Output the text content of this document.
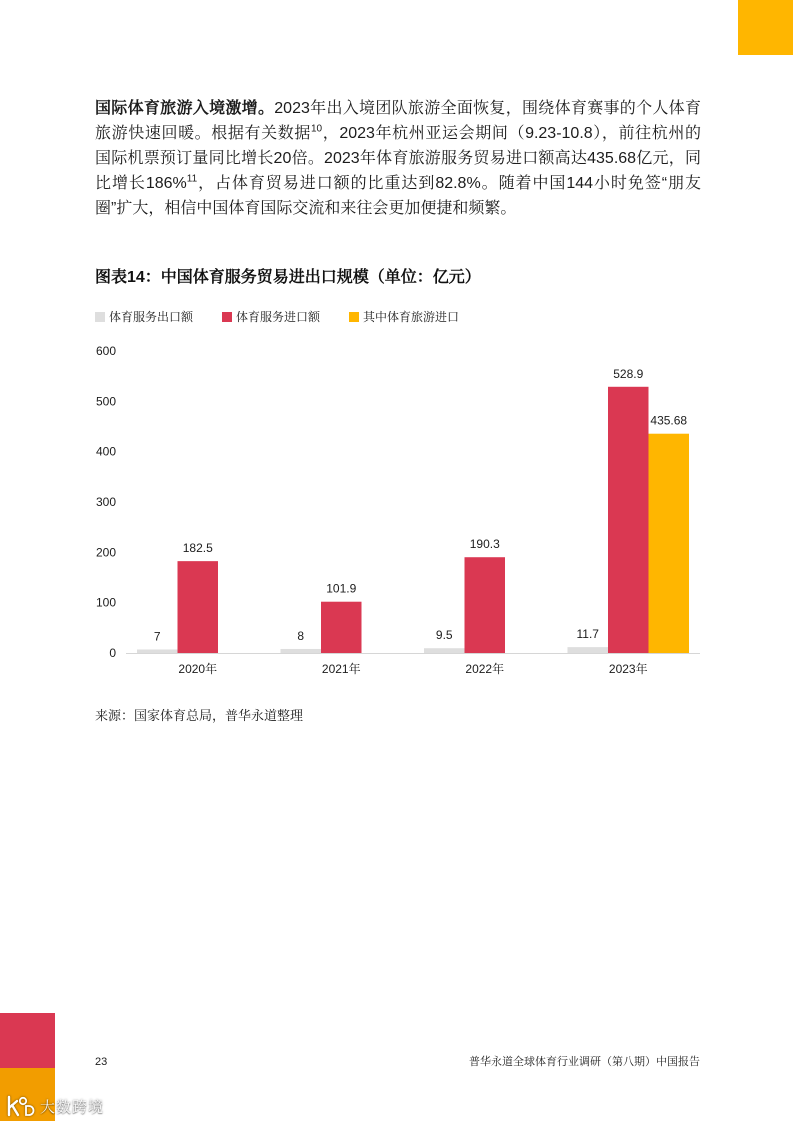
国际体育旅游入境激增。2023年出入境团队旅游全面恢复，围绕体育赛事的个人体育
旅游快速回暖。根据有关数据$^{10}$，2023年杭州亚运会期间（9.23-10.8），前往杭州的
国际机票预订量同比增长20倍。2023年体育旅游服务贸易进口额高达435.68亿元，同
比增长186%$^{11}$，占体育贸易进口额的比重达到82.8%。随着中国144小时免签“朋友
圈”扩大，相信中国体育国际交流和来往会更加便捷和频繁。
图表14：中国体育服务贸易进出口规模（单位：亿元）
体育服务出口额	体育服务进口额	其中体育旅游进口
0
100
200
300
400
500
600
2020年
7
182.5
2021年
8
101.9
2022年
9.5
190.3
2023年
11.7
528.9
435.68
来源：国家体育总局，普华永道整理
23	普华永道全球体育行业调研（第八期）中国报告
大数跨境
